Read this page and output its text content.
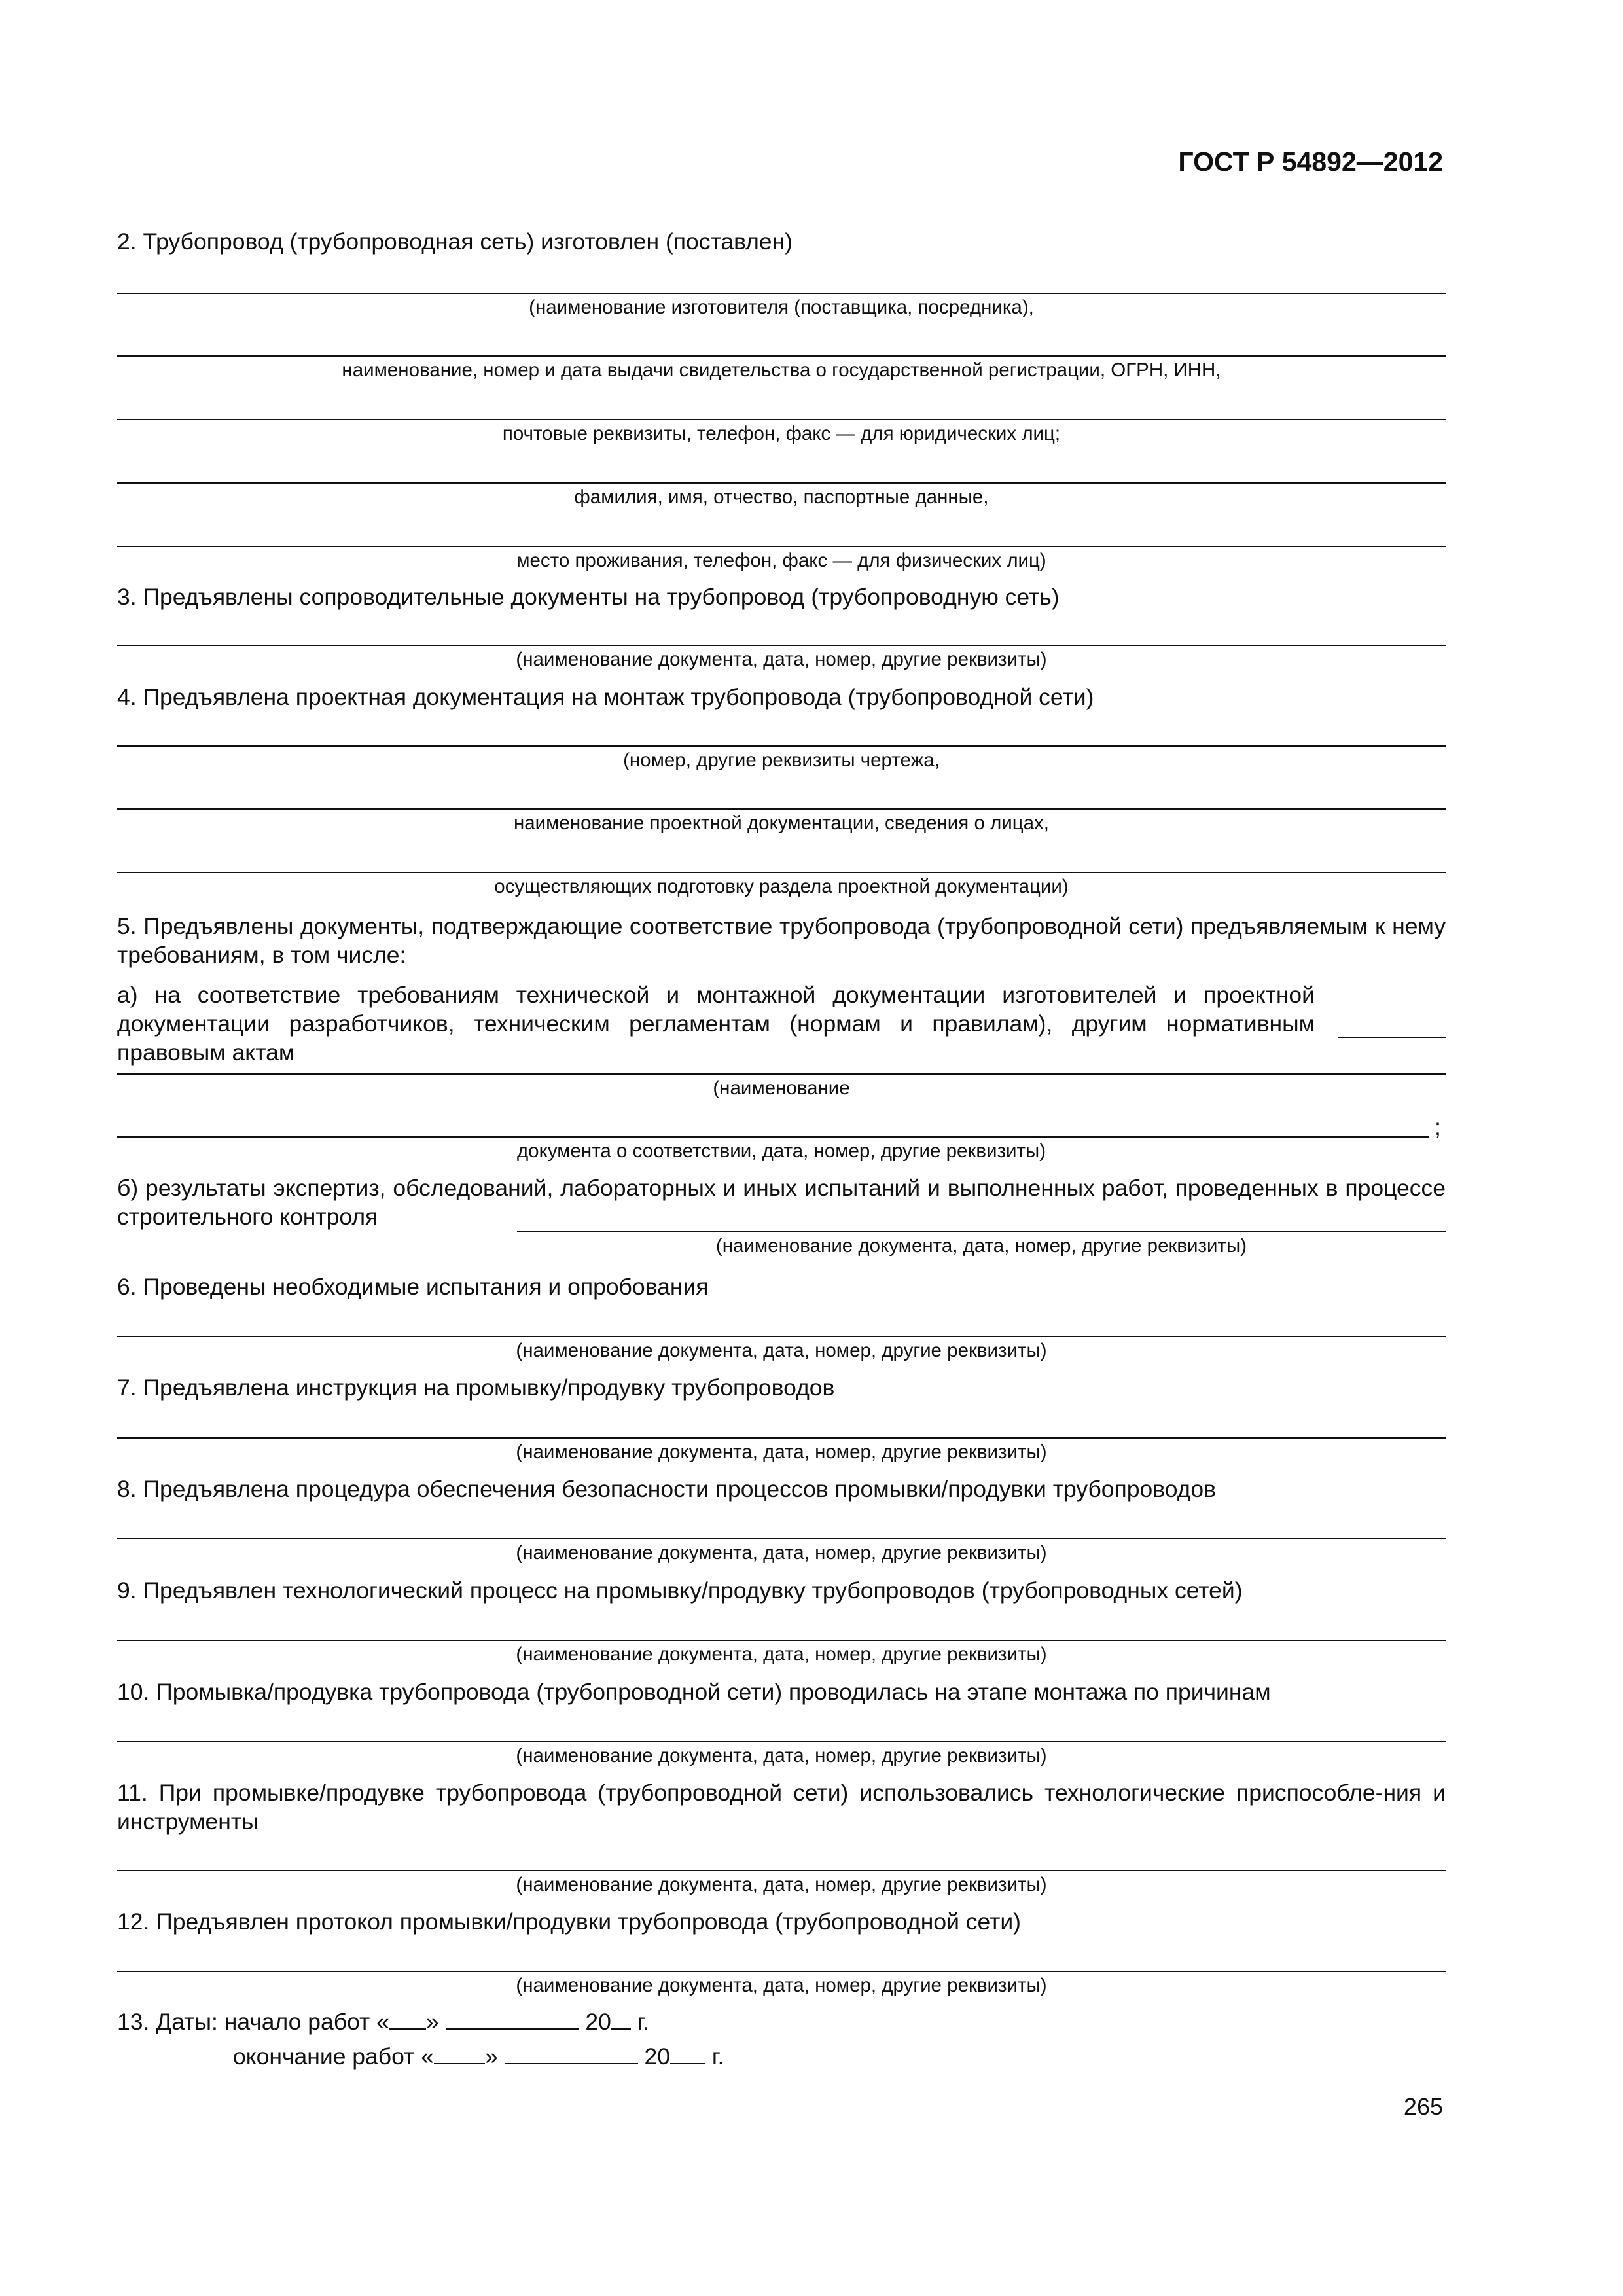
ГОСТ Р 54892—2012
2. Трубопровод (трубопроводная сеть) изготовлен (поставлен)
(наименование изготовителя (поставщика, посредника),
наименование, номер и дата выдачи свидетельства о государственной регистрации, ОГРН, ИНН,
почтовые реквизиты, телефон, факс — для юридических лиц;
фамилия, имя, отчество, паспортные данные,
место проживания, телефон, факс — для физических лиц)
3. Предъявлены сопроводительные документы на трубопровод (трубопроводную сеть)
(наименование документа, дата, номер, другие реквизиты)
4. Предъявлена проектная документация на монтаж трубопровода (трубопроводной сети)
(номер, другие реквизиты чертежа,
наименование проектной документации, сведения о лицах,
осуществляющих подготовку раздела проектной документации)
5. Предъявлены документы, подтверждающие соответствие трубопровода (трубопроводной сети) предъявляемым к нему требованиям, в том числе:
а) на соответствие требованиям технической и монтажной документации изготовителей и проектной документации разработчиков, техническим регламентам (нормам и правилам), другим нормативным правовым актам
(наименование
;
документа о соответствии, дата, номер, другие реквизиты)
б) результаты экспертиз, обследований, лабораторных и иных испытаний и выполненных работ, проведенных в процессе строительного контроля
(наименование документа, дата, номер, другие реквизиты)
6. Проведены необходимые испытания и опробования
(наименование документа, дата, номер, другие реквизиты)
7. Предъявлена инструкция на промывку/продувку трубопроводов
(наименование документа, дата, номер, другие реквизиты)
8. Предъявлена процедура обеспечения безопасности процессов промывки/продувки трубопроводов
(наименование документа, дата, номер, другие реквизиты)
9. Предъявлен технологический процесс на промывку/продувку трубопроводов (трубопроводных сетей)
(наименование документа, дата, номер, другие реквизиты)
10. Промывка/продувка трубопровода (трубопроводной сети) проводилась на этапе монтажа по причинам
(наименование документа, дата, номер, другие реквизиты)
11. При промывке/продувке трубопровода (трубопроводной сети) использовались технологические приспособле-ния и инструменты
(наименование документа, дата, номер, другие реквизиты)
12. Предъявлен протокол промывки/продувки трубопровода (трубопроводной сети)
(наименование документа, дата, номер, другие реквизиты)
13. Даты: начало работ « »	20 г.
окончание работ « »	20 г.
265
